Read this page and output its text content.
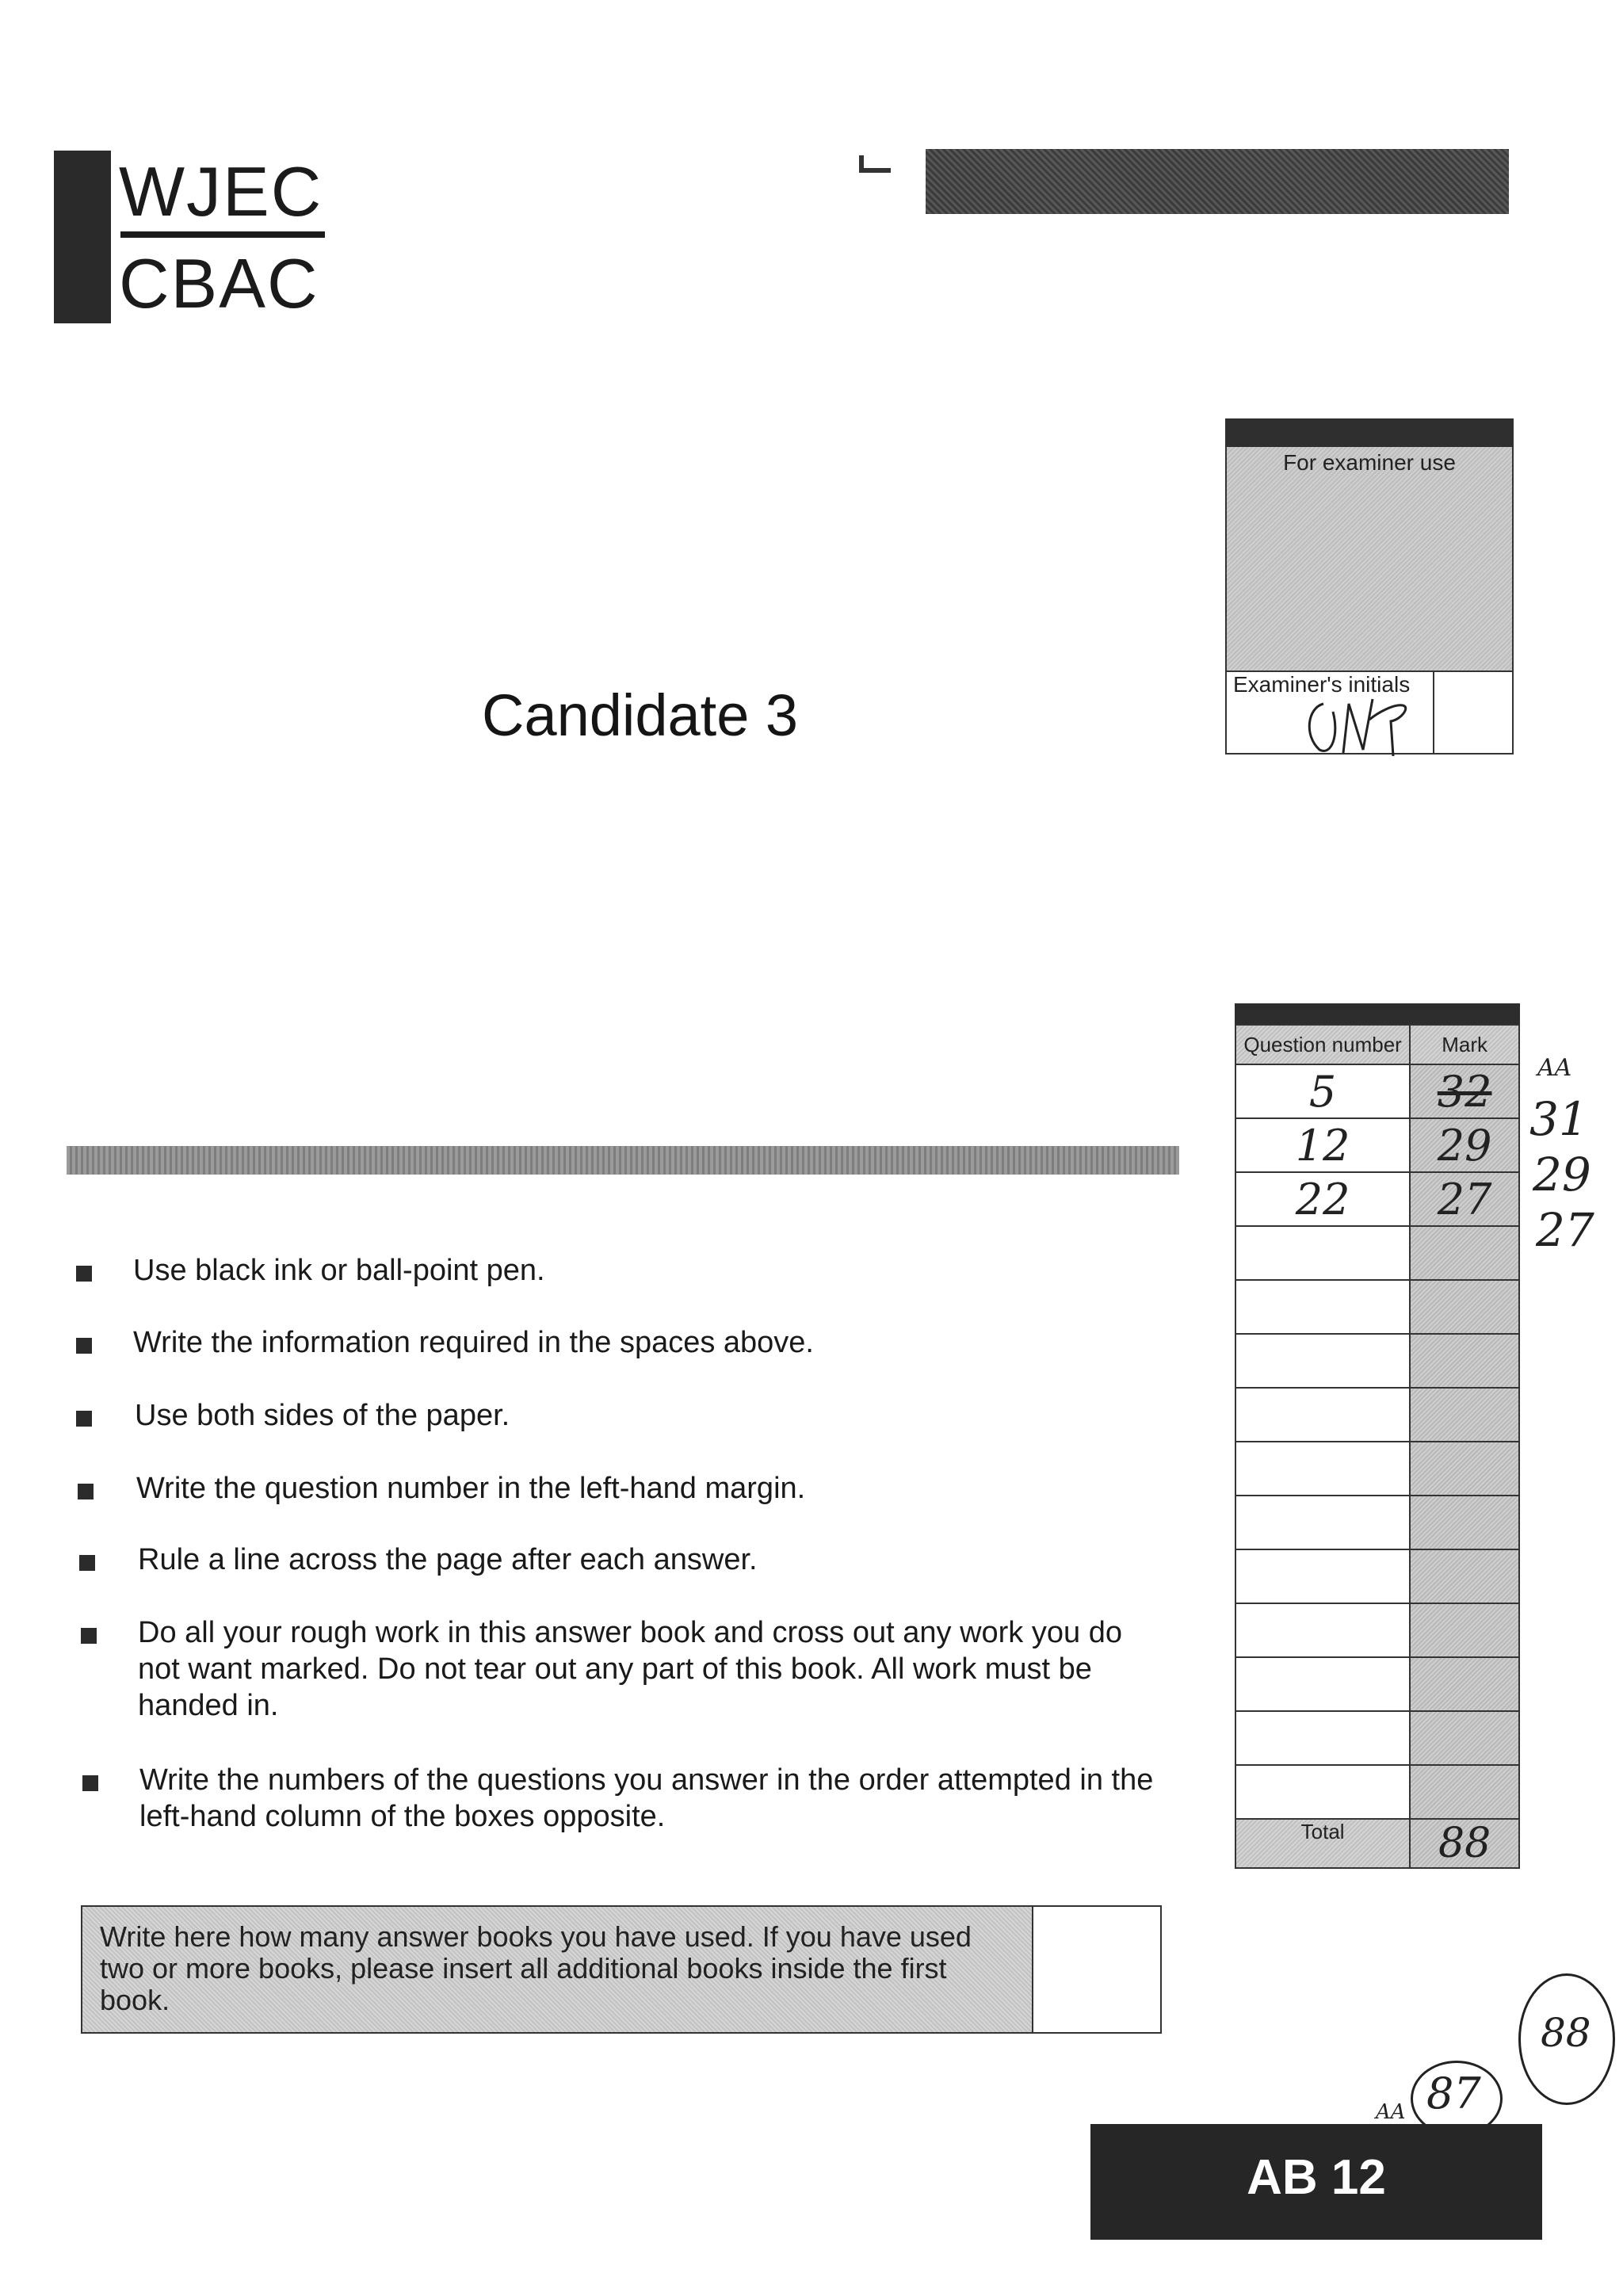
WJEC
CBAC
For examiner use
Examiner's initials
Candidate 3
Use black ink or ball-point pen.
Write the information required in the spaces above.
Use both sides of the paper.
Write the question number in the left-hand margin.
Rule a line across the page after each answer.
Do all your rough work in this answer book and cross out any work you do not want marked. Do not tear out any part of this book. All work must be handed in.
Write the numbers of the questions you answer in the order attempted in the left-hand column of the boxes opposite.
Write here how many answer books you have used. If you have used two or more books, please insert all additional books inside the first book.
Question number	Mark
5	32
12	29
22	27

Total	88
AA
31
29
27
88
AA 87
AB 12
